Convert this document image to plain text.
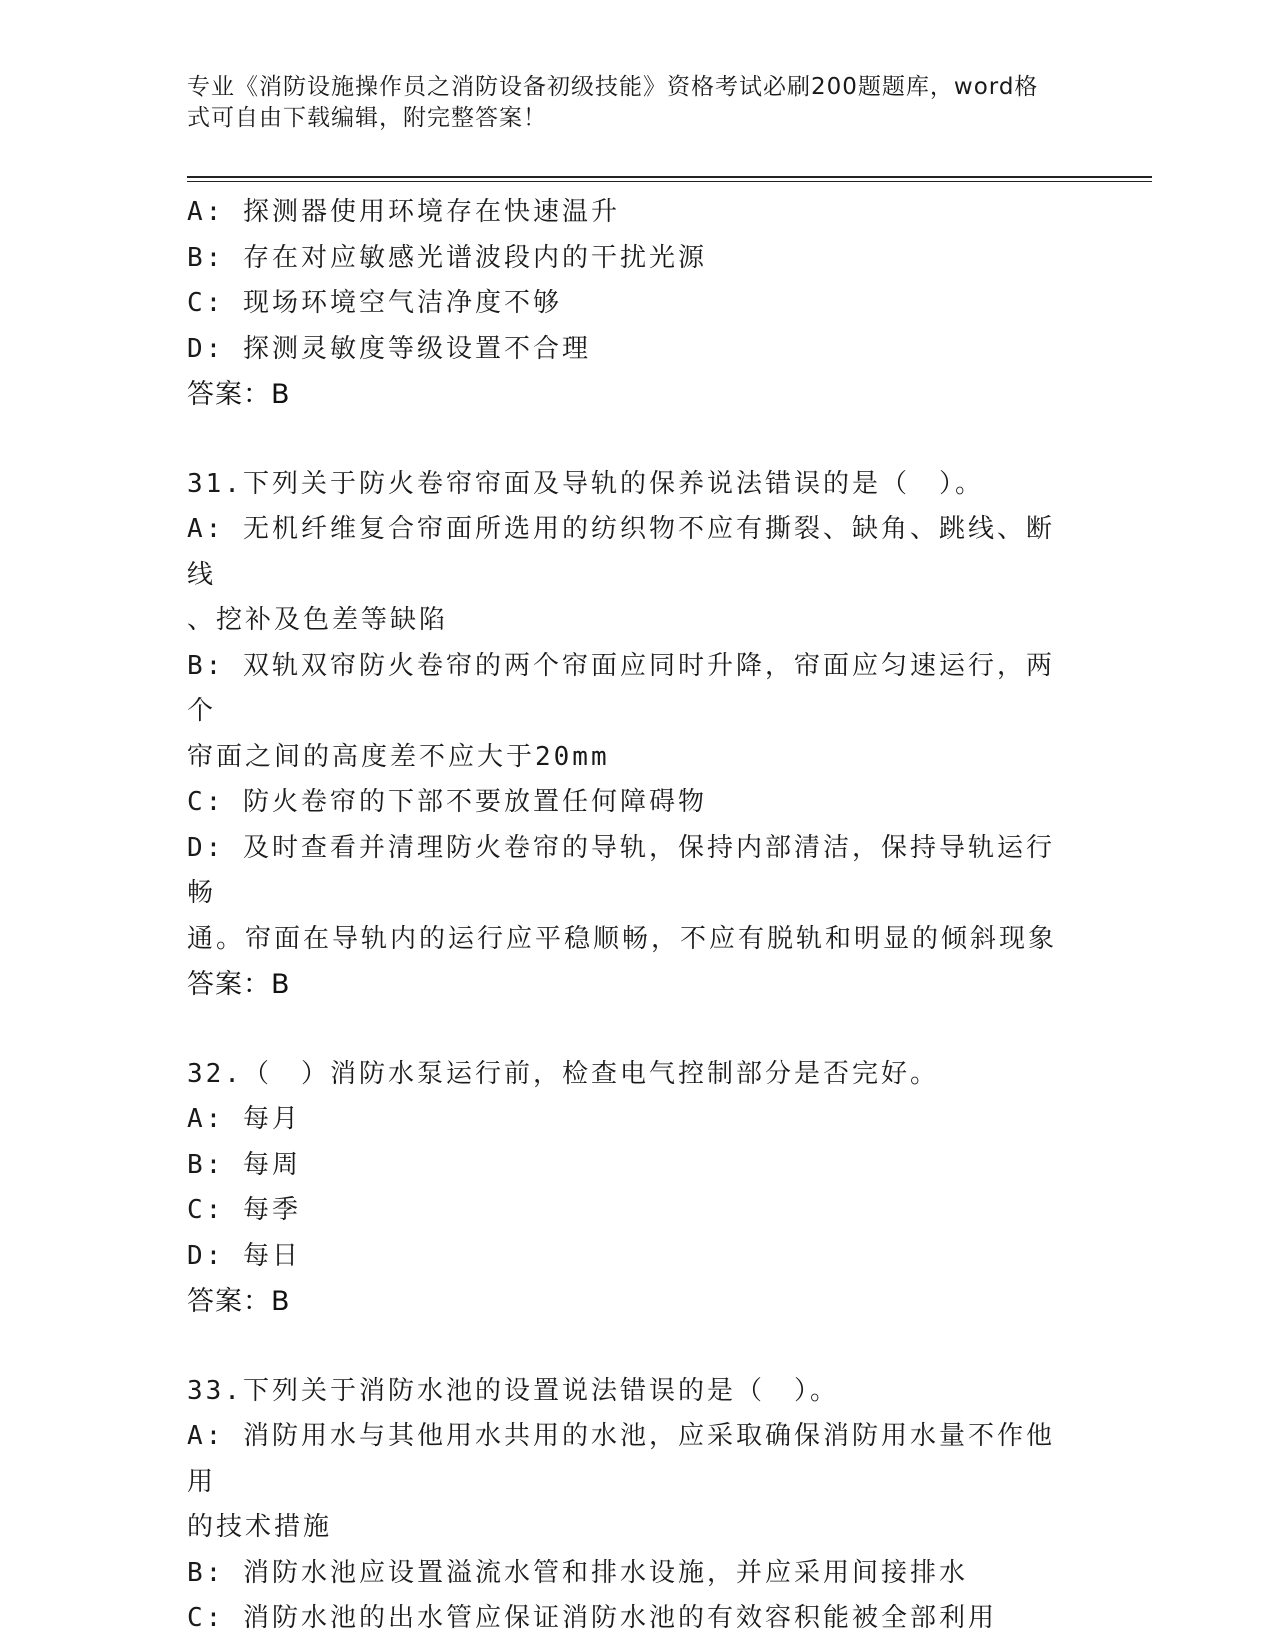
专业《消防设施操作员之消防设备初级技能》资格考试必刷200题题库，word格
式可自由下载编辑，附完整答案！
A: 探测器使用环境存在快速温升
B: 存在对应敏感光谱波段内的干扰光源
C: 现场环境空气洁净度不够
D: 探测灵敏度等级设置不合理
答案：B
31.下列关于防火卷帘帘面及导轨的保养说法错误的是（　）。
A: 无机纤维复合帘面所选用的纺织物不应有撕裂、缺角、跳线、断线
、挖补及色差等缺陷
B: 双轨双帘防火卷帘的两个帘面应同时升降，帘面应匀速运行，两个
帘面之间的高度差不应大于20mm
C: 防火卷帘的下部不要放置任何障碍物
D: 及时查看并清理防火卷帘的导轨，保持内部清洁，保持导轨运行畅
通。帘面在导轨内的运行应平稳顺畅，不应有脱轨和明显的倾斜现象
答案：B
32.（　）消防水泵运行前，检查电气控制部分是否完好。
A: 每月
B: 每周
C: 每季
D: 每日
答案：B
33.下列关于消防水池的设置说法错误的是（　）。
A: 消防用水与其他用水共用的水池，应采取确保消防用水量不作他用
的技术措施
B: 消防水池应设置溢流水管和排水设施，并应采用间接排水
C: 消防水池的出水管应保证消防水池的有效容积能被全部利用
